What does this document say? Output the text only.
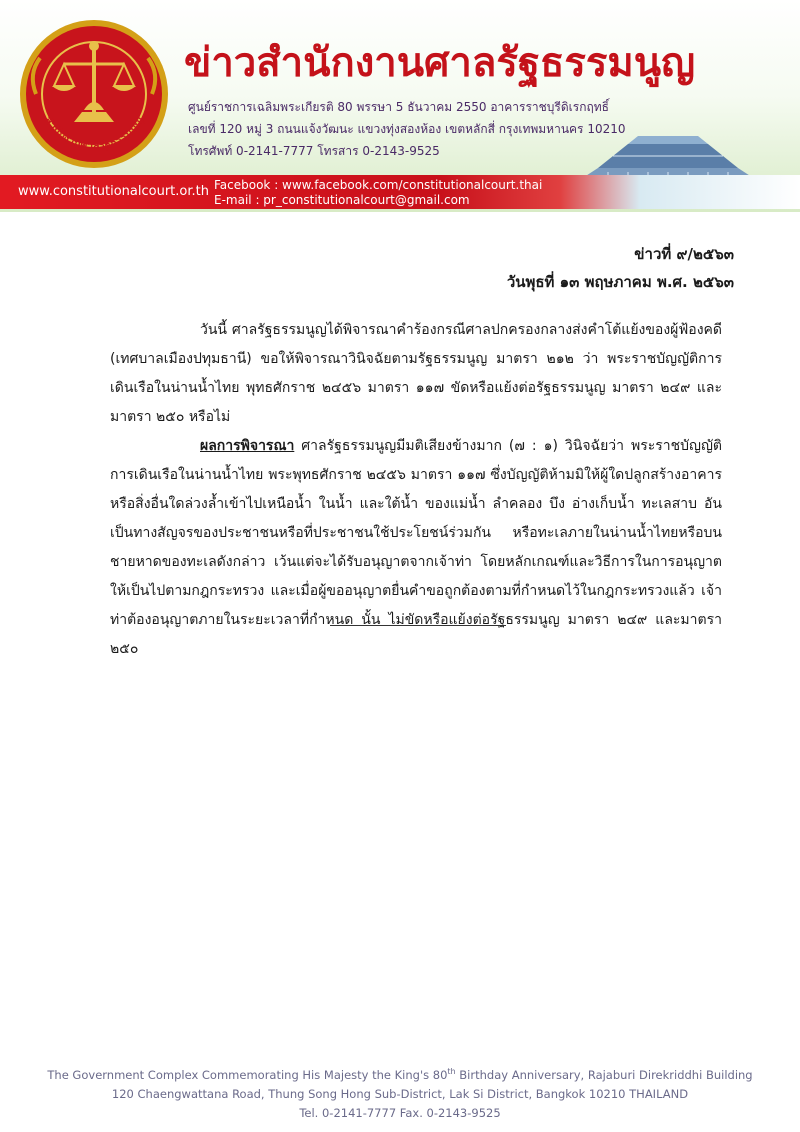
สำนักงานศาลรัฐธรรมนูญ
ข่าวสำนักงานศาลรัฐธรรมนูญ
ศูนย์ราชการเฉลิมพระเกียรติ 80 พรรษา 5 ธันวาคม 2550 อาคารราชบุรีดิเรกฤทธิ์
เลขที่ 120 หมู่ 3 ถนนแจ้งวัฒนะ แขวงทุ่งสองห้อง เขตหลักสี่ กรุงเทพมหานคร 10210
โทรศัพท์ 0-2141-7777 โทรสาร 0-2143-9525
www.constitutionalcourt.or.th Facebook : www.facebook.com/constitutionalcourt.thai
E-mail : pr_constitutionalcourt@gmail.com
ข่าวที่ ๙/๒๕๖๓
วันพุธที่ ๑๓ พฤษภาคม พ.ศ. ๒๕๖๓

วันนี้ ศาลรัฐธรรมนูญได้พิจารณาคำร้องกรณีศาลปกครองกลางส่งคำโต้แย้งของผู้ฟ้องคดี (เทศบาลเมืองปทุมธานี) ขอให้พิจารณาวินิจฉัยตามรัฐธรรมนูญ มาตรา ๒๑๒ ว่า พระราชบัญญัติการเดินเรือในน่านน้ำไทย พุทธศักราช ๒๔๕๖ มาตรา ๑๑๗ ขัดหรือแย้งต่อรัฐธรรมนูญ มาตรา ๒๔๙ และมาตรา ๒๕๐ หรือไม่

ผลการพิจารณา ศาลรัฐธรรมนูญมีมติเสียงข้างมาก (๗ : ๑) วินิจฉัยว่า พระราชบัญญัติการเดินเรือในน่านน้ำไทย พระพุทธศักราช ๒๔๕๖ มาตรา ๑๑๗ ซึ่งบัญญัติห้ามมิให้ผู้ใดปลูกสร้างอาคารหรือสิ่งอื่นใดล่วงล้ำเข้าไปเหนือน้ำ ในน้ำ และใต้น้ำ ของแม่น้ำ ลำคลอง บึง อ่างเก็บน้ำ ทะเลสาบ อันเป็นทางสัญจรของประชาชนหรือที่ประชาชนใช้ประโยชน์ร่วมกัน หรือทะเลภายในน่านน้ำไทยหรือบนชายหาดของทะเลดังกล่าว เว้นแต่จะได้รับอนุญาตจากเจ้าท่า โดยหลักเกณฑ์และวิธีการในการอนุญาตให้เป็นไปตามกฎกระทรวง และเมื่อผู้ขออนุญาตยื่นคำขอถูกต้องตามที่กำหนดไว้ในกฎกระทรวงแล้ว เจ้าท่าต้องอนุญาตภายในระยะเวลาที่กำหนด นั้น ไม่ขัดหรือแย้งต่อรัฐธรรมนูญ มาตรา ๒๔๙ และมาตรา ๒๕๐

The Government Complex Commemorating His Majesty the King's 80th Birthday Anniversary, Rajaburi Direkriddhi Building
120 Chaengwattana Road, Thung Song Hong Sub-District, Lak Si District, Bangkok 10210 THAILAND
Tel. 0-2141-7777 Fax. 0-2143-9525
